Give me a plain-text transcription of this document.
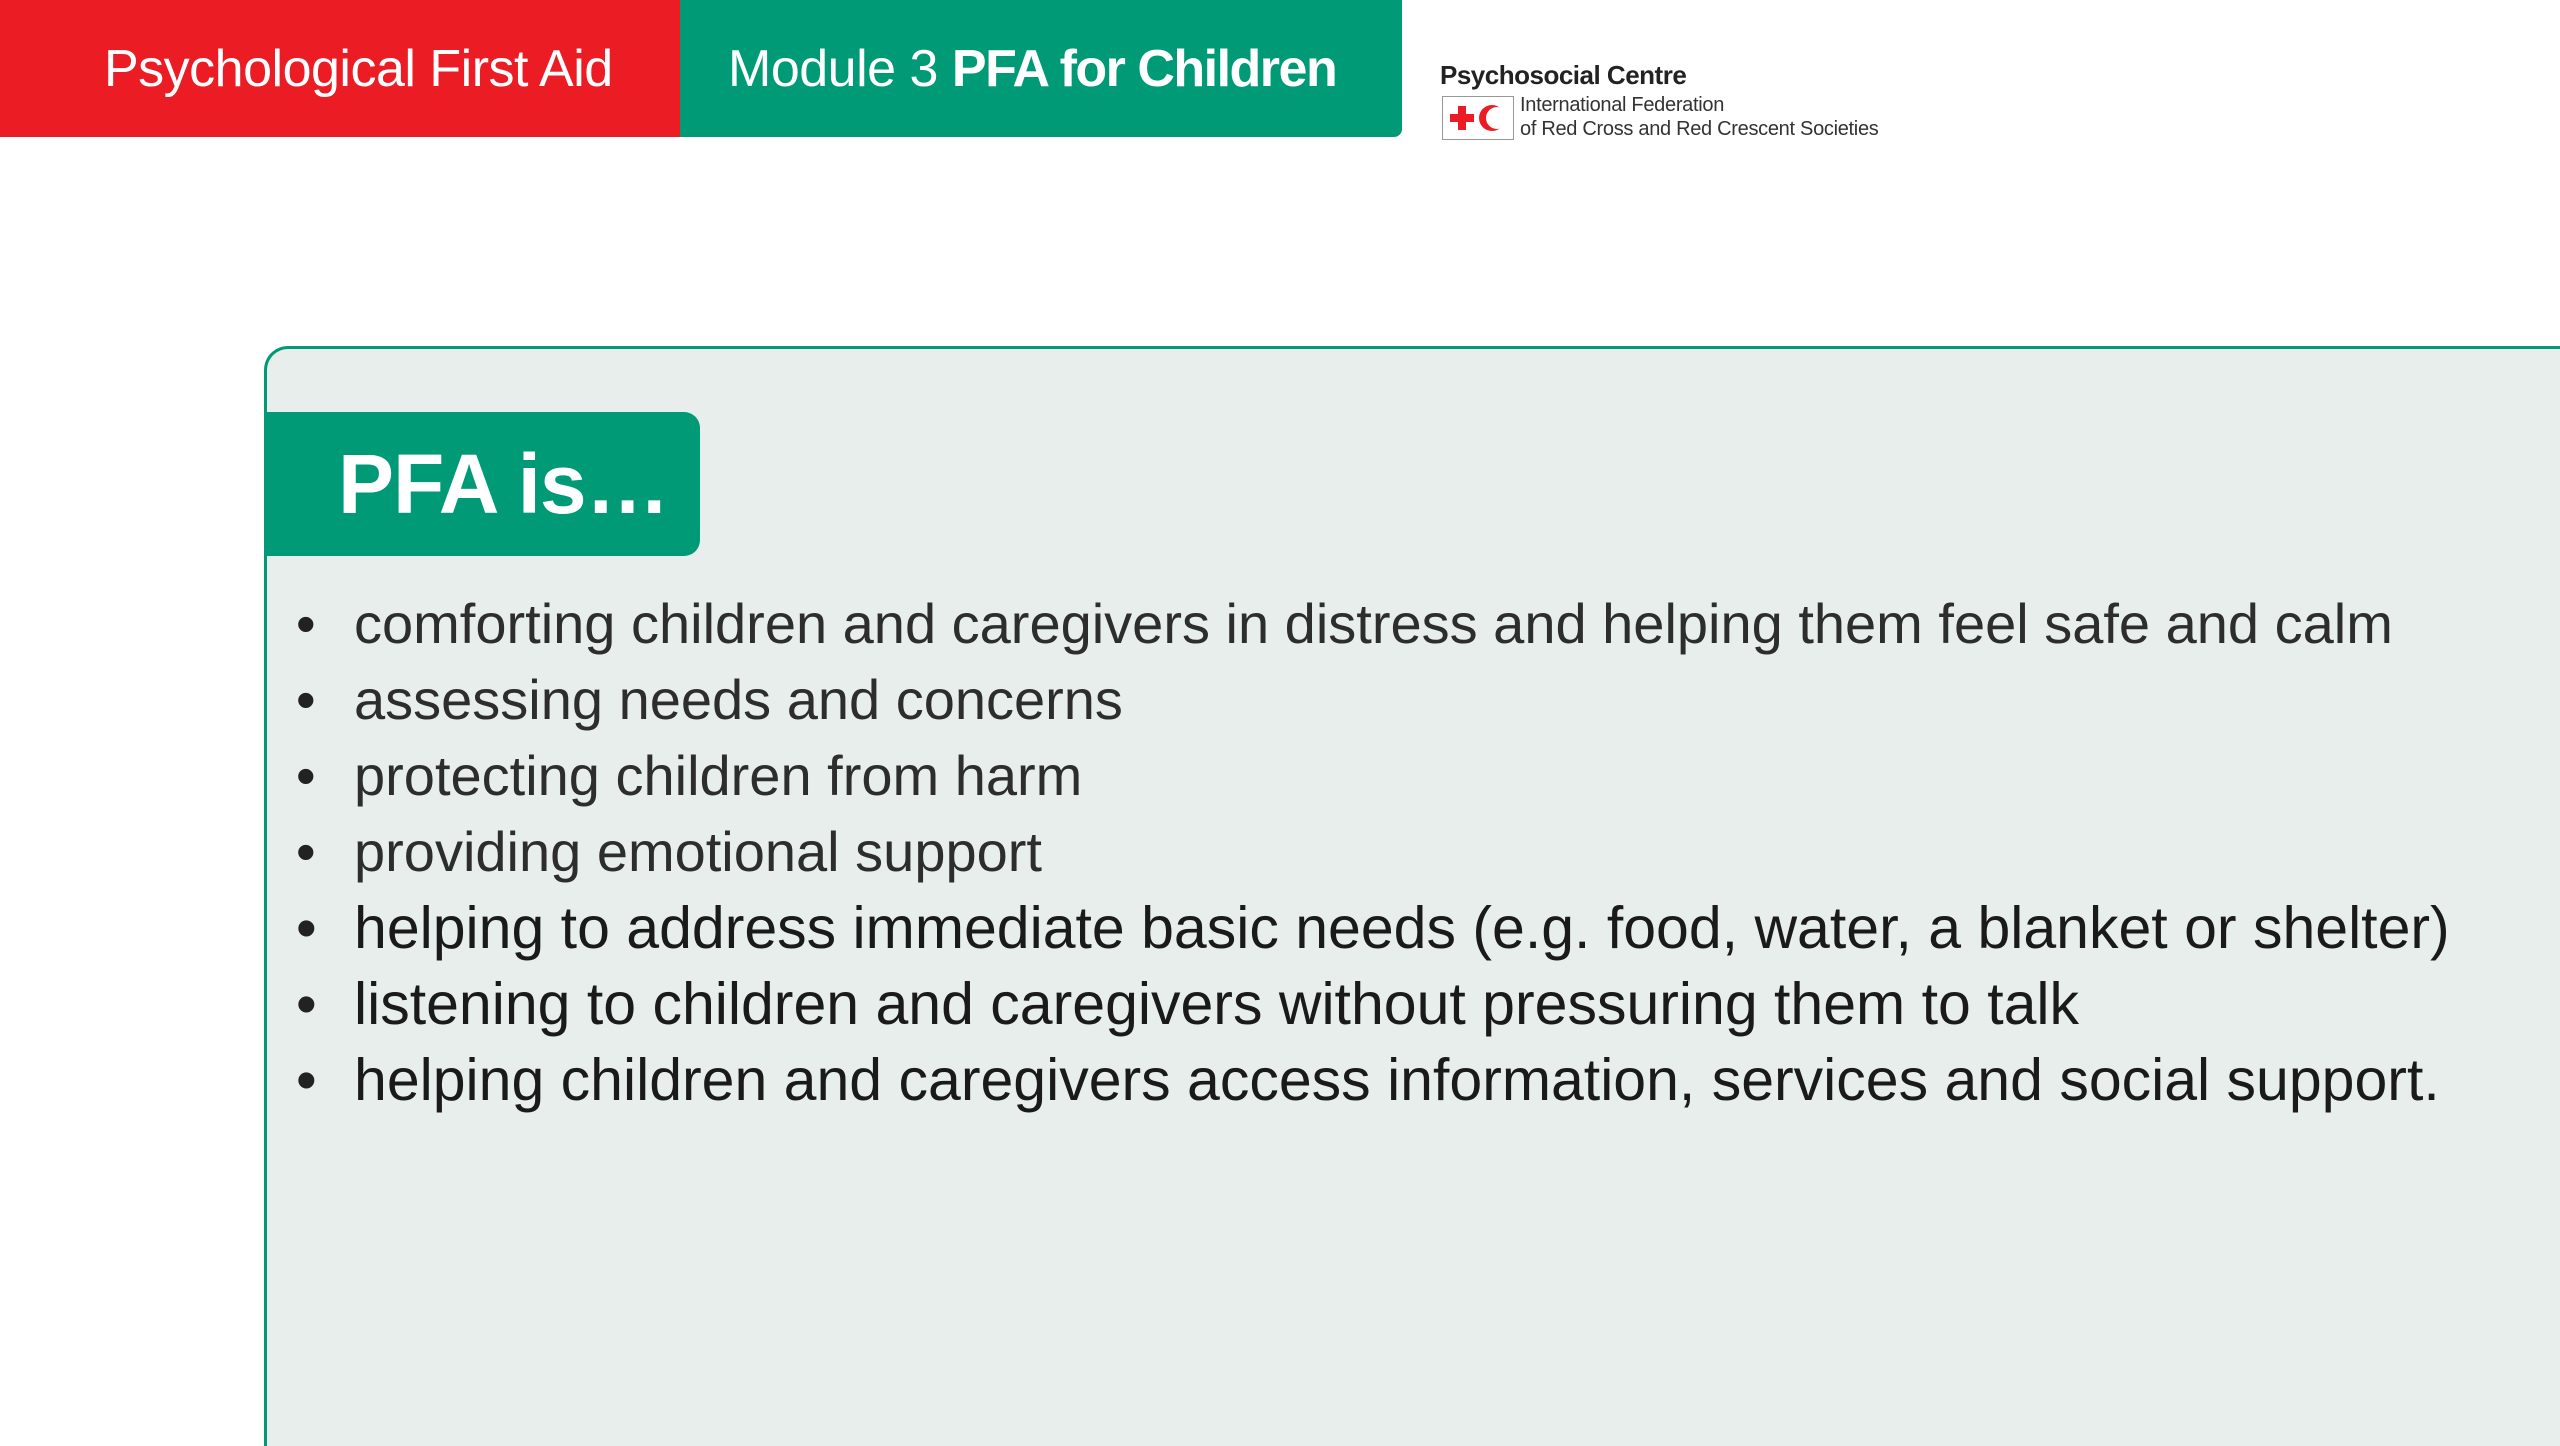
Psychological First Aid Module 3 PFA for Children	Psychosocial Centre
International Federation
of Red Cross and Red Crescent Societies
PFA is…
• comforting children and caregivers in distress and helping them feel safe and calm
• assessing needs and concerns
• protecting children from harm
• providing emotional support
• helping to address immediate basic needs (e.g. food, water, a blanket or shelter)
• listening to children and caregivers without pressuring them to talk
• helping children and caregivers access information, services and social support.
